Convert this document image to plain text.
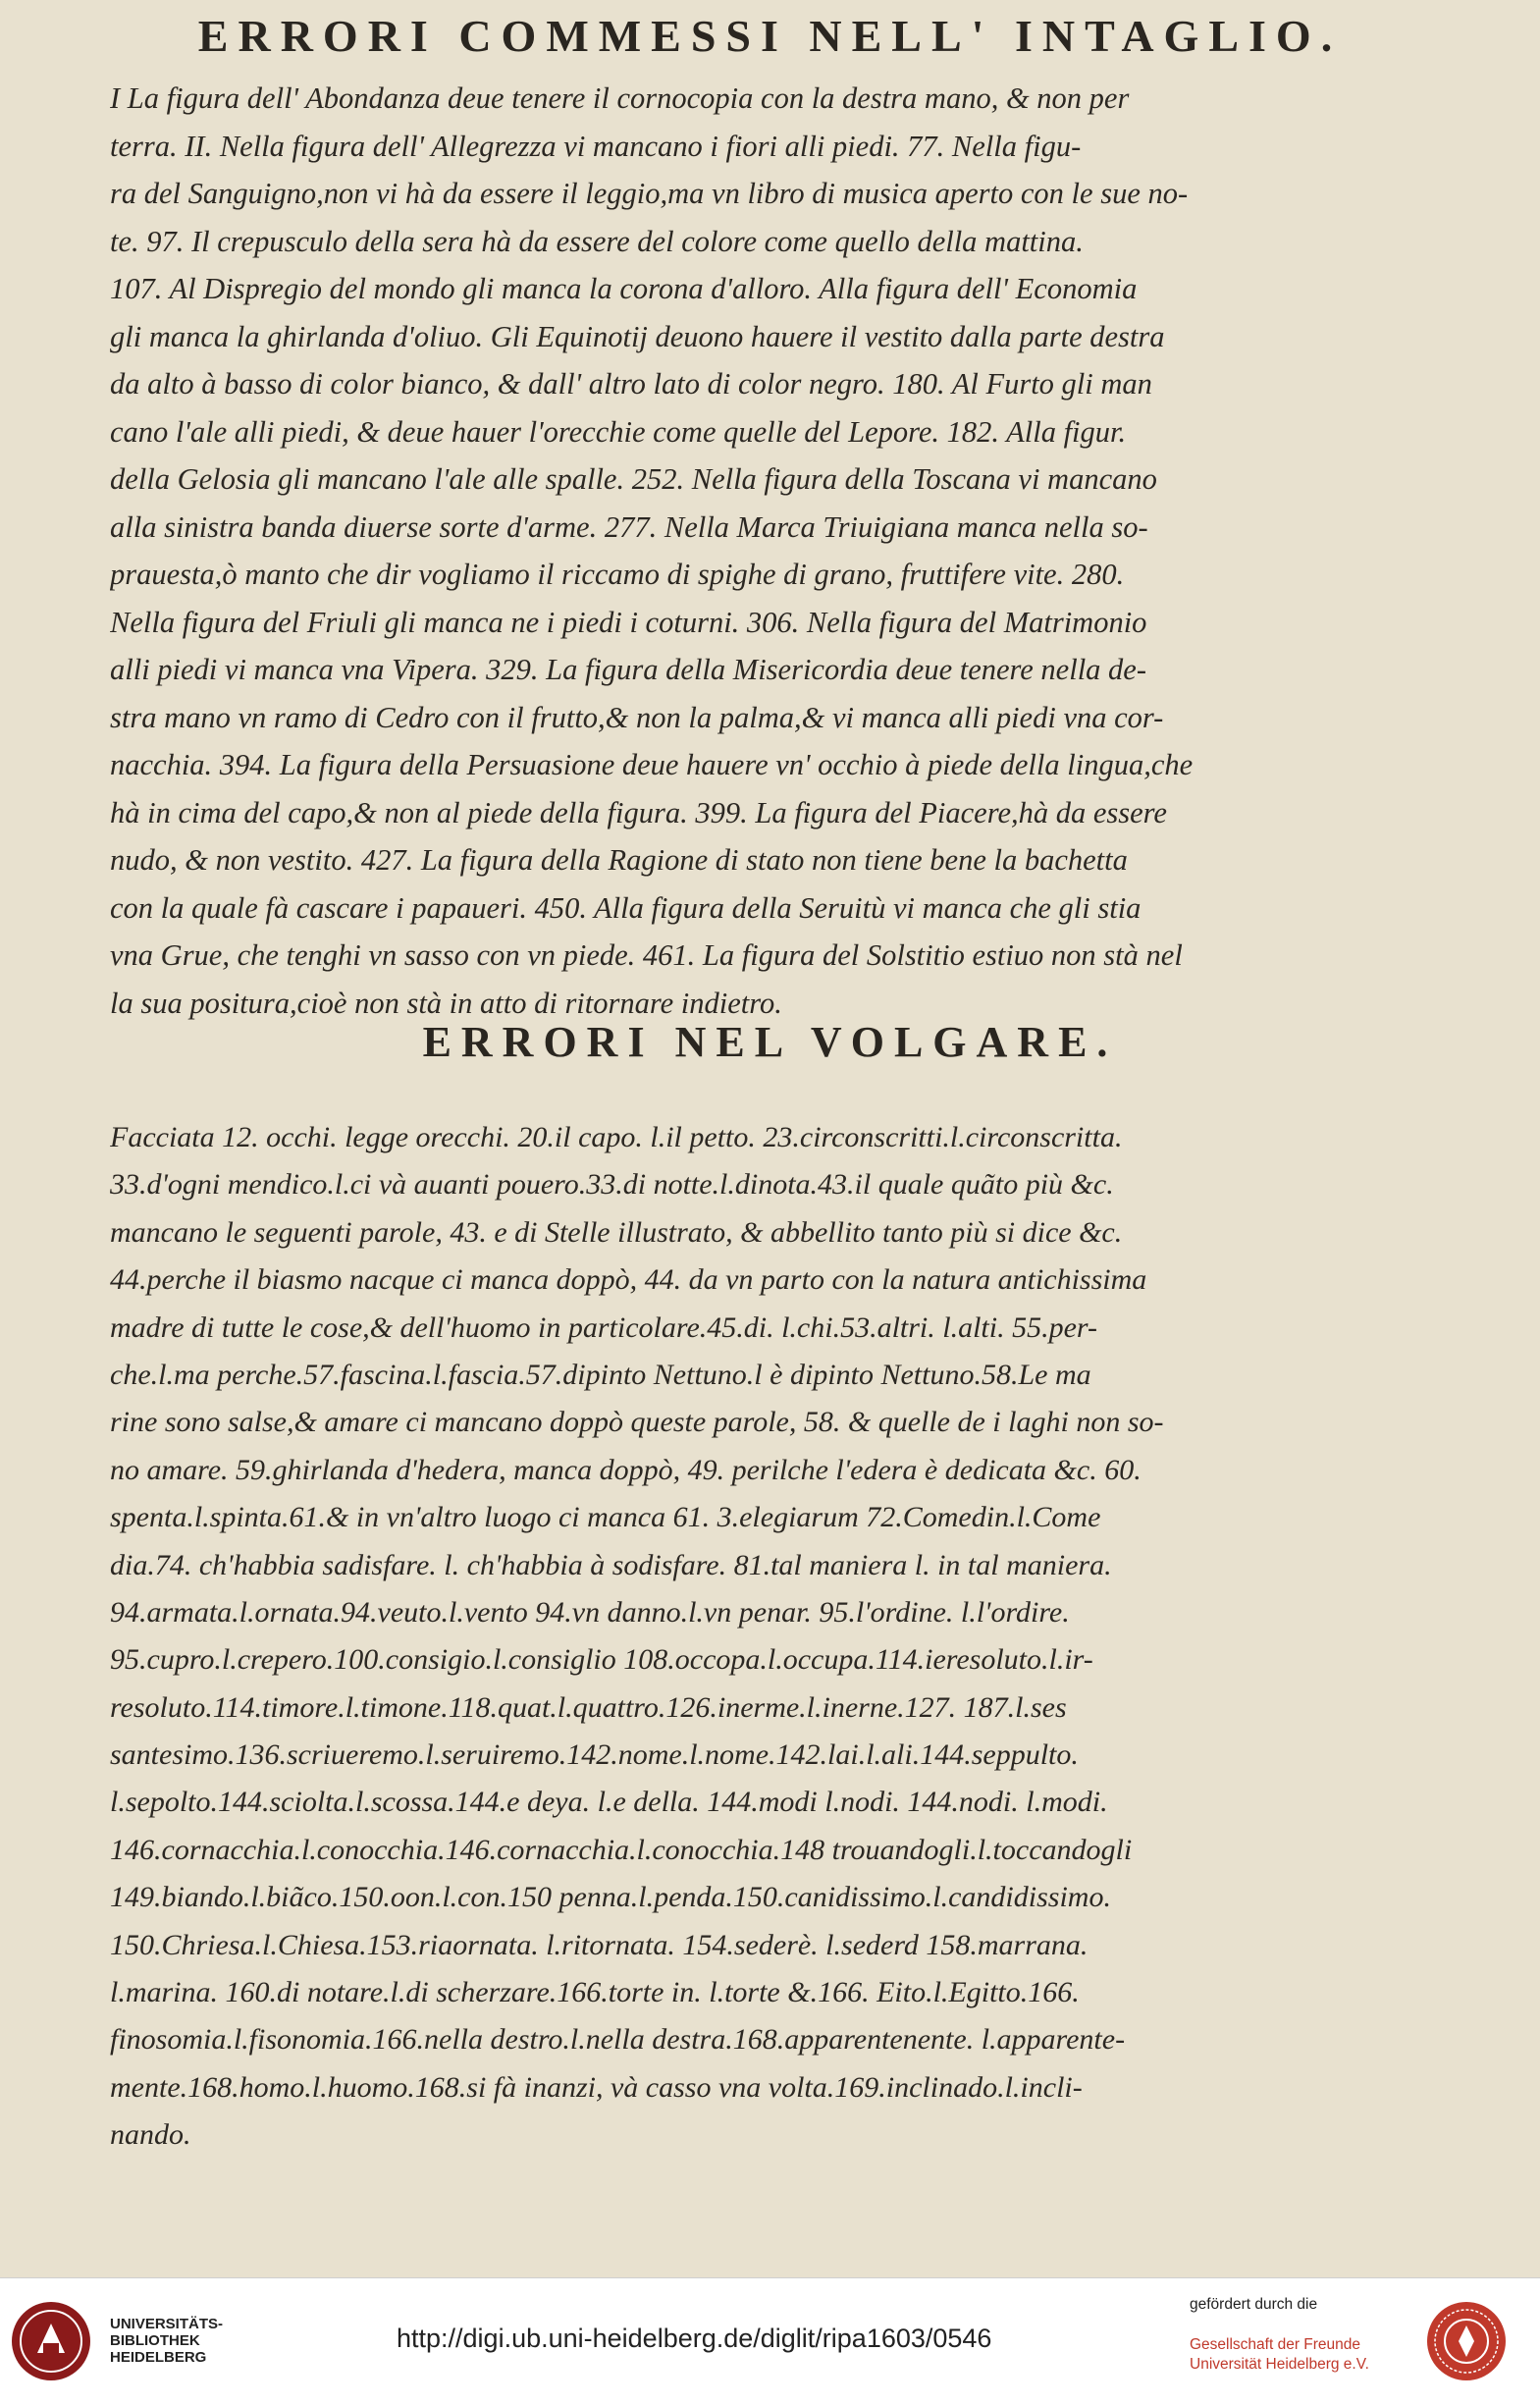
ERRORI COMMESSI NELL' INTAGLIO.
I La figura dell' Abondanza deue tenere il cornocopia con la destra mano, & non per
terra. II. Nella figura dell' Allegrezza vi mancano i fiori alli piedi. 77. Nella figu-
ra del Sanguigno,non vi hà da essere il leggio,ma vn libro di musica aperto con le sue no-
te. 97. Il crepusculo della sera hà da essere del colore come quello della mattina.
107. Al Dispregio del mondo gli manca la corona d'alloro. Alla figura dell' Economia
gli manca la ghirlanda d'oliuo. Gli Equinotij deuono hauere il vestito dalla parte destra
da alto à basso di color bianco, & dall' altro lato di color negro. 180. Al Furto gli man
cano l'ale alli piedi, & deue hauer l'orecchie come quelle del Lepore. 182. Alla figur.
della Gelosia gli mancano l'ale alle spalle. 252. Nella figura della Toscana vi mancano
alla sinistra banda diuerse sorte d'arme. 277. Nella Marca Triuigiana manca nella so-
prauesta,ò manto che dir vogliamo il riccamo di spighe di grano, fruttifere vite. 280.
Nella figura del Friuli gli manca ne i piedi i coturni. 306. Nella figura del Matrimonio
alli piedi vi manca vna Vipera. 329. La figura della Misericordia deue tenere nella de-
stra mano vn ramo di Cedro con il frutto,& non la palma,& vi manca alli piedi vna cor-
nacchia. 394. La figura della Persuasione deue hauere vn' occhio à piede della lingua,che
hà in cima del capo,& non al piede della figura. 399. La figura del Piacere,hà da essere
nudo, & non vestito. 427. La figura della Ragione di stato non tiene bene la bachetta
con la quale fà cascare i papaueri. 450. Alla figura della Seruitù vi manca che gli stia
vna Grue, che tenghi vn sasso con vn piede. 461. La figura del Solstitio estiuo non stà nel
la sua positura,cioè non stà in atto di ritornare indietro.
ERRORI NEL VOLGARE.
Facciata 12. occhi. legge orecchi. 20.il capo. l.il petto. 23.circonscritti.l.circonscritta.
33.d'ogni mendico.l.ci và auanti pouero.33.di notte.l.dinota.43.il quale quãto più &c.
mancano le seguenti parole, 43. e di Stelle illustrato, & abbellito tanto più si dice &c.
44.perche il biasmo nacque ci manca doppò, 44. da vn parto con la natura antichissima
madre di tutte le cose,& dell'huomo in particolare.45.di. l.chi.53.altri. l.alti. 55.per-
che.l.ma perche.57.fascina.l.fascia.57.dipinto Nettuno.l è dipinto Nettuno.58.Le ma
rine sono salse,& amare ci mancano doppò queste parole, 58. & quelle de i laghi non so-
no amare. 59.ghirlanda d'hedera, manca doppò, 49. perilche l'edera è dedicata &c. 60.
spenta.l.spinta.61.& in vn'altro luogo ci manca 61. 3.elegiarum 72.Comedin.l.Come
dia.74. ch'habbia sadisfare. l. ch'habbia à sodisfare. 81.tal maniera l. in tal maniera.
94.armata.l.ornata.94.veuto.l.vento 94.vn danno.l.vn penar. 95.l'ordine. l.l'ordire.
95.cupro.l.crepero.100.consigio.l.consiglio 108.occopa.l.occupa.114.ieresoluto.l.ir-
resoluto.114.timore.l.timone.118.quat.l.quattro.126.inerme.l.inerne.127. 187.l.ses
santesimo.136.scriueremo.l.seruiremo.142.nome.l.nome.142.lai.l.ali.144.seppulto.
l.sepolto.144.sciolta.l.scossa.144.e deya. l.e della. 144.modi l.nodi. 144.nodi. l.modi.
146.cornacchia.l.conocchia.146.cornacchia.l.conocchia.148 trouandogli.l.toccandogli
149.biando.l.biãco.150.oon.l.con.150 penna.l.penda.150.canidissimo.l.candidissimo.
150.Chriesa.l.Chiesa.153.riaornata. l.ritornata. 154.sederè. l.sederd 158.marrana.
l.marina. 160.di notare.l.di scherzare.166.torte in. l.torte &.166. Eito.l.Egitto.166.
finosomia.l.fisonomia.166.nella destro.l.nella destra.168.apparentenente. l.apparente-
mente.168.homo.l.huomo.168.si fà inanzi, và casso vna volta.169.inclinado.l.incli-
nando.
UNIVERSITÄTS-
BIBLIOTHEK
HEIDELBERG
http://digi.ub.uni-heidelberg.de/diglit/ripa1603/0546
gefördert durch die
Gesellschaft der Freunde
Universität Heidelberg e.V.
